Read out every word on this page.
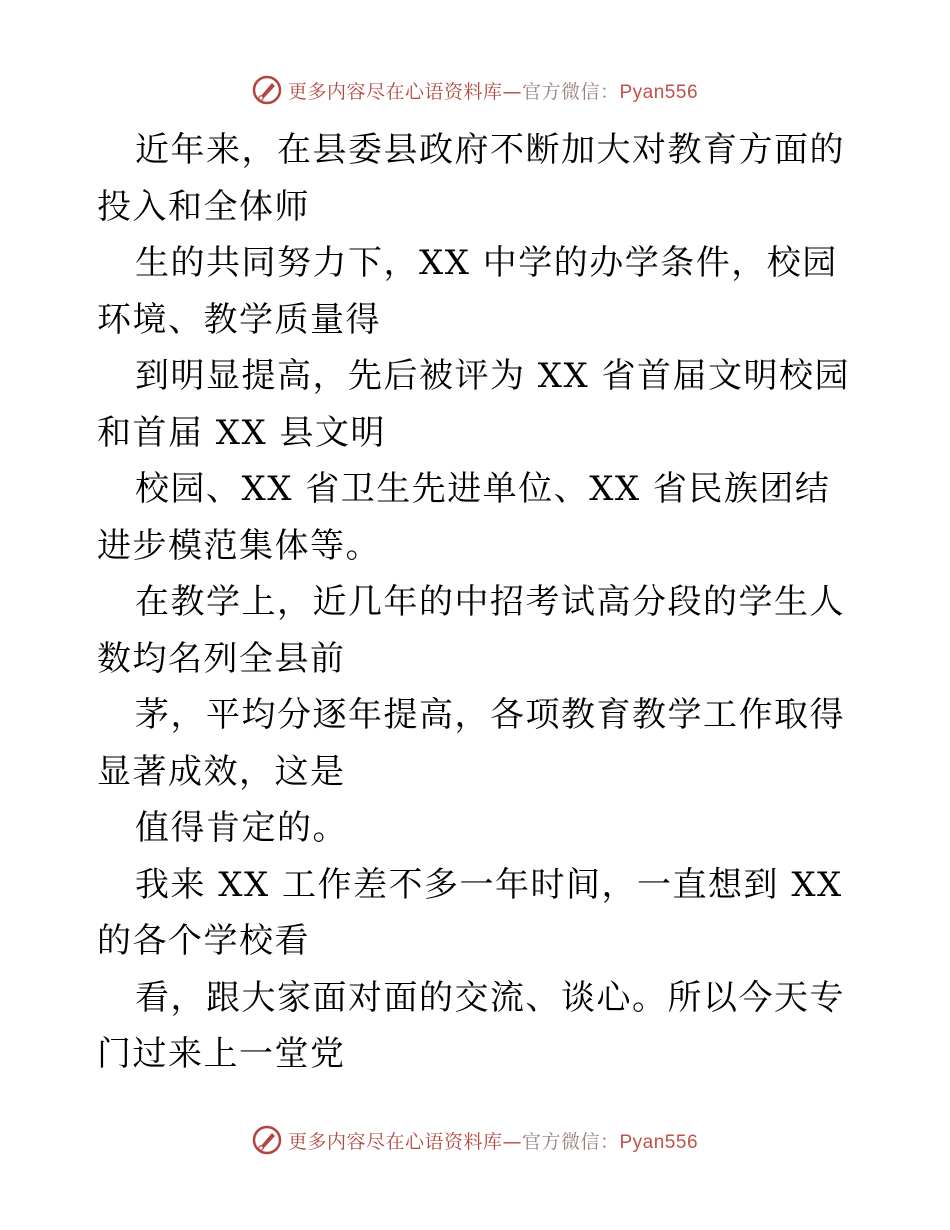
更多内容尽在心语资料库—官方微信：Pyan556

近年来，在县委县政府不断加大对教育方面的投入和全体师

生的共同努力下，XX 中学的办学条件，校园环境、教学质量得

到明显提高，先后被评为 XX 省首届文明校园和首届 XX 县文明

校园、XX 省卫生先进单位、XX 省民族团结进步模范集体等。

在教学上，近几年的中招考试高分段的学生人数均名列全县前

茅，平均分逐年提高，各项教育教学工作取得显著成效，这是

值得肯定的。

我来 XX 工作差不多一年时间，一直想到 XX 的各个学校看

看，跟大家面对面的交流、谈心。所以今天专门过来上一堂党

更多内容尽在心语资料库—官方微信：Pyan556
